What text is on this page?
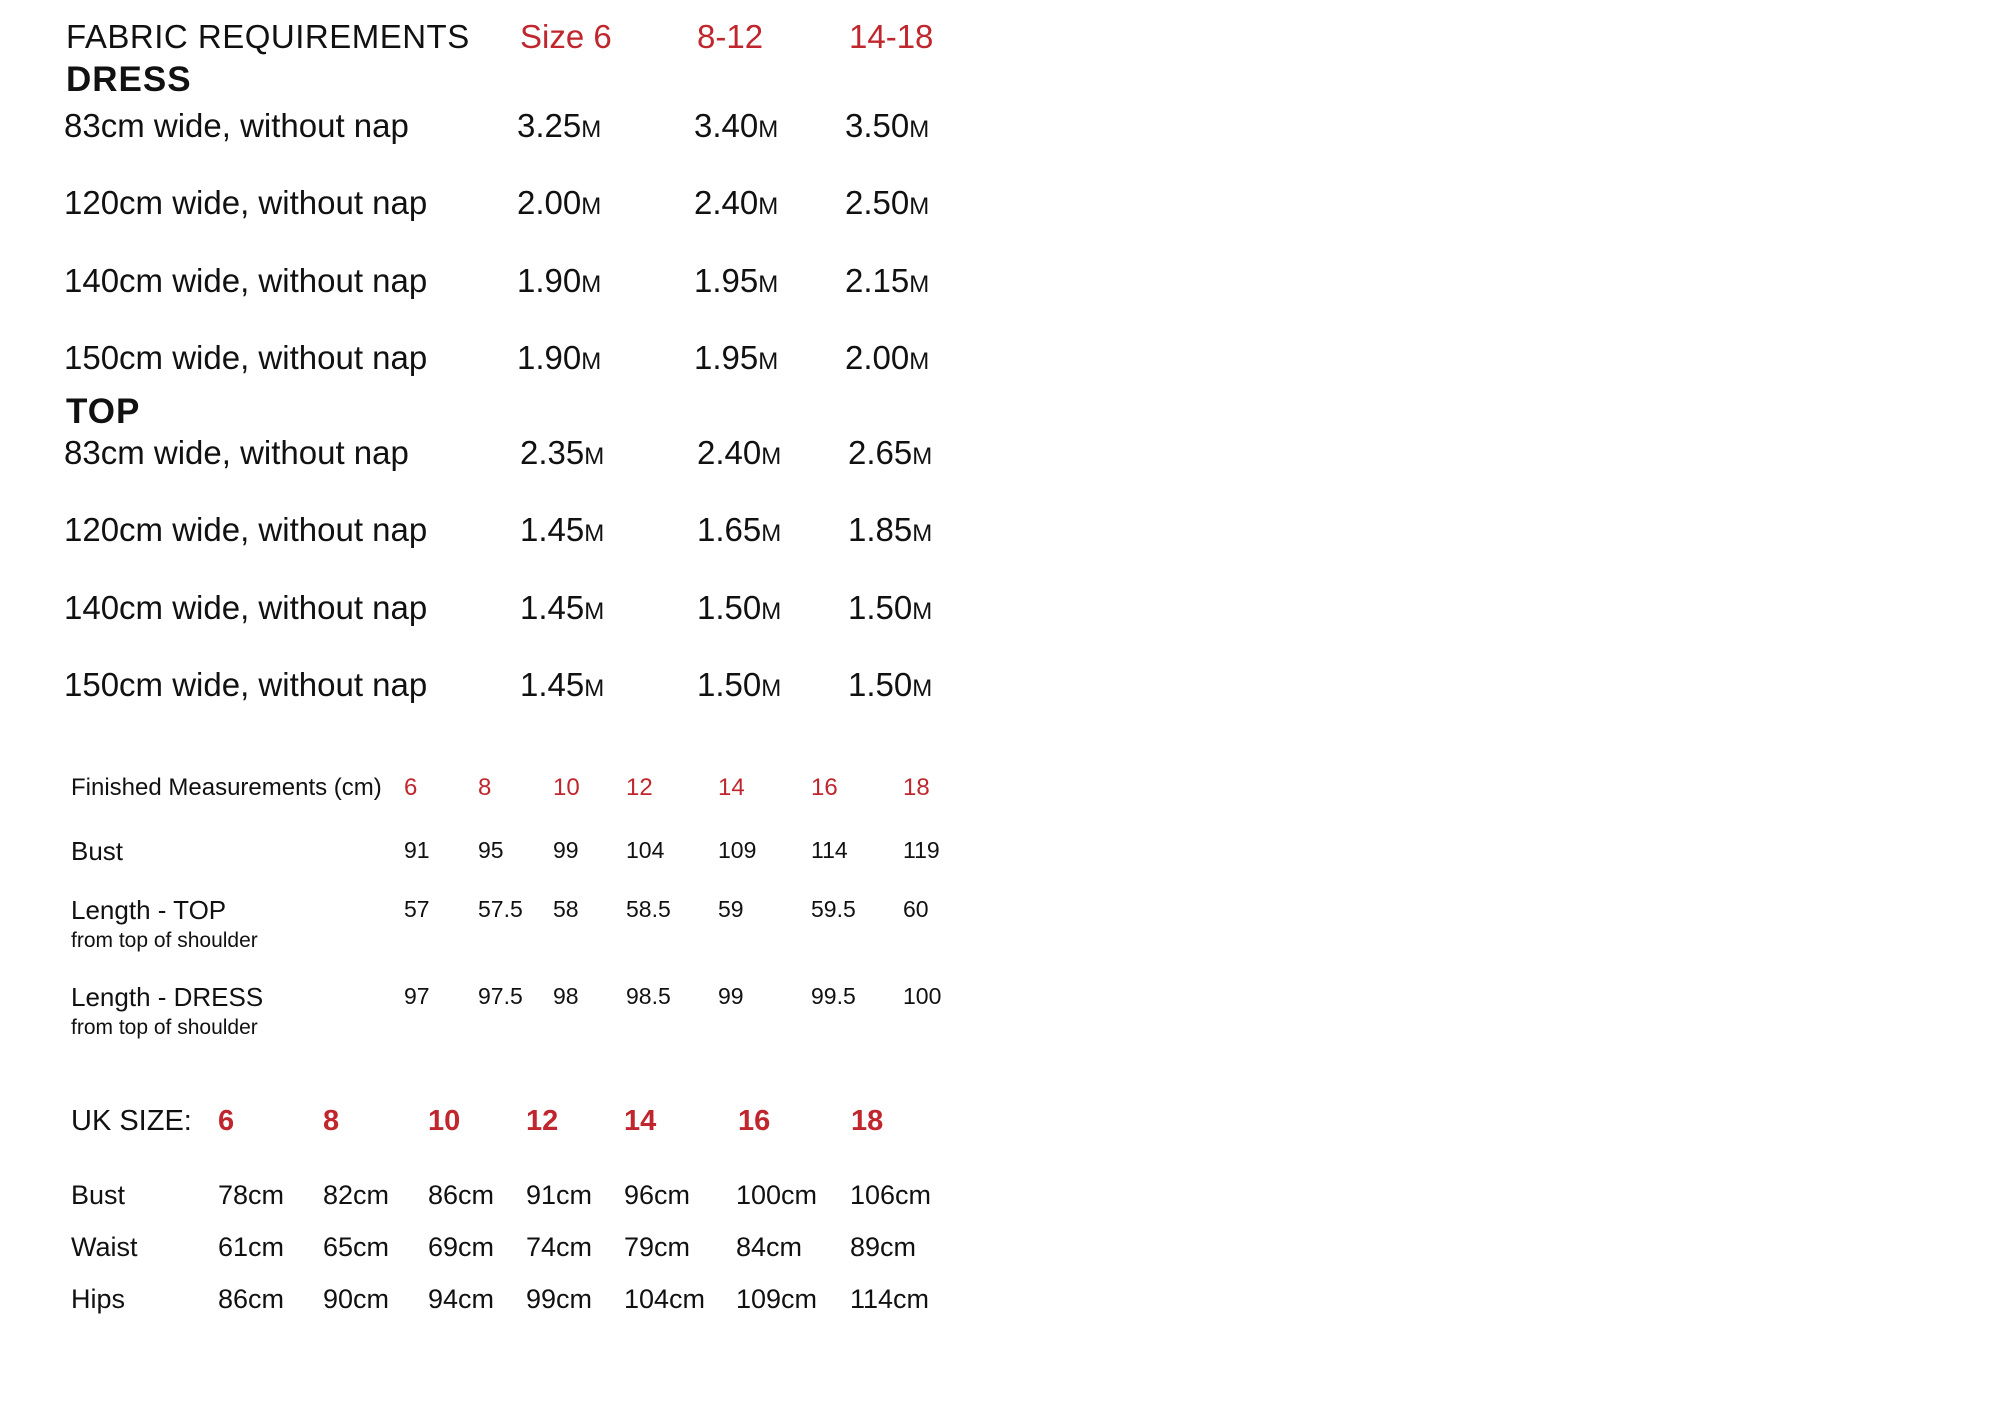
FABRIC REQUIREMENTS Size 6	8-12	14-18
DRESS
83cm wide, without nap	3.25M	3.40M 3.50M
120cm wide, without nap	2.00M	2.40M 2.50M
140cm wide, without nap	1.90M	1.95M 2.15M
150cm wide, without nap	1.90M	1.95M 2.00M
TOP
83cm wide, without nap	2.35M	2.40M 2.65M
120cm wide, without nap	1.45M	1.65M 1.85M
140cm wide, without nap	1.45M	1.50M 1.50M
150cm wide, without nap	1.45M	1.50M 1.50M
Finished Measurements (cm) 6	8	10 12	14	16	18
Bust	91 95 99 104 109 114 119
Length - TOP
from top of shoulder
57 57.5 58 58.5 59	59.5 60
Length - DRESS
from top of shoulder
97 97.5 98 98.5 99	99.5 100
UK SIZE: 6	8	10 12 14	16	18
Bust	78cm 82cm 86cm 91cm 96cm 100cm 106cm
Waist	61cm 65cm 69cm 74cm 79cm 84cm 89cm
Hips	86cm 90cm 94cm 99cm 104cm 109cm 114cm
